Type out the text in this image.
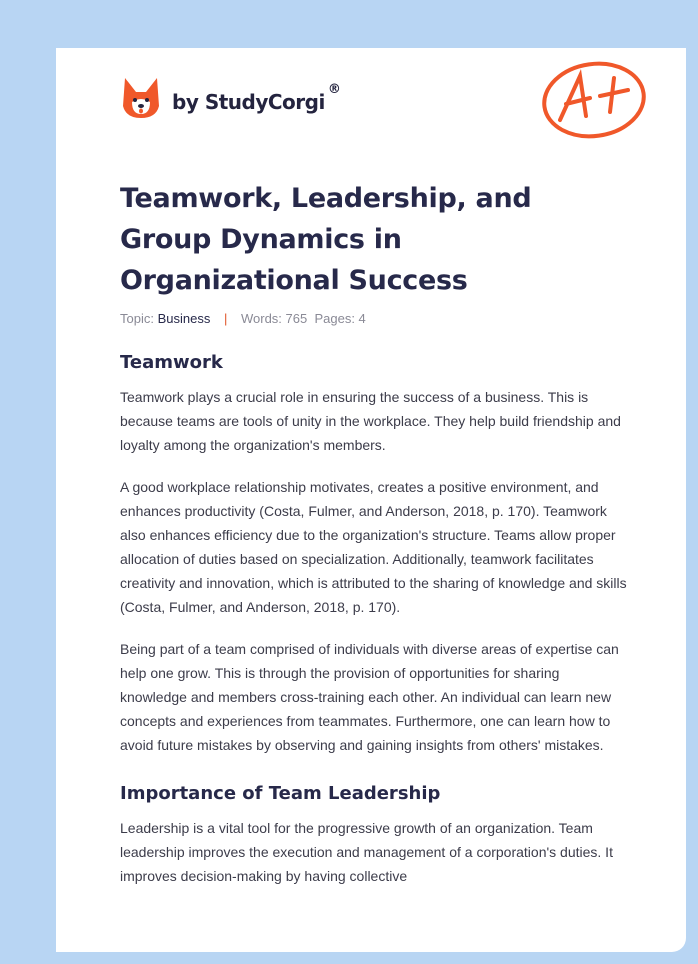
by StudyCorgi®
Teamwork, Leadership, and Group Dynamics in Organizational Success
Topic: Business | Words: 765 Pages: 4
Teamwork

Teamwork plays a crucial role in ensuring the success of a business. This is because teams are tools of unity in the workplace. They help build friendship and loyalty among the organization's members.

A good workplace relationship motivates, creates a positive environment, and enhances productivity (Costa, Fulmer, and Anderson, 2018, p. 170). Teamwork also enhances efficiency due to the organization's structure. Teams allow proper allocation of duties based on specialization. Additionally, teamwork facilitates creativity and innovation, which is attributed to the sharing of knowledge and skills (Costa, Fulmer, and Anderson, 2018, p. 170).

Being part of a team comprised of individuals with diverse areas of expertise can help one grow. This is through the provision of opportunities for sharing knowledge and members cross-training each other. An individual can learn new concepts and experiences from teammates. Furthermore, one can learn how to avoid future mistakes by observing and gaining insights from others' mistakes.

Importance of Team Leadership

Leadership is a vital tool for the progressive growth of an organization. Team leadership improves the execution and management of a corporation's duties. It improves decision-making by having collective
